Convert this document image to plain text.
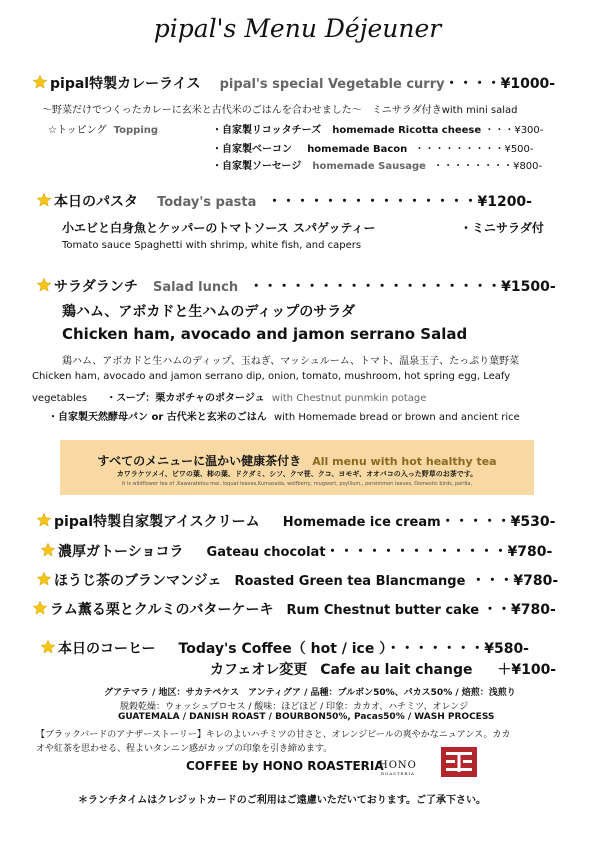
pipal's Menu Déjeuner
pipal特製カレーライス pipal's special Vegetable curry・・・・¥1000-
～野菜だけでつくったカレーに玄米と古代米のごはんを合わせました～　ミニサラダ付きwith mini salad
☆トッピング Topping	・自家製リコッタチーズ homemade Ricotta cheese ・・・¥300-
・自家製ベーコン homemade Bacon ・・・・・・・・・¥500-
・自家製ソーセージ homemade Sausage ・・・・・・・・¥800-
本日のパスタ Today's pasta ・・・・・・・・・・・・・・・¥1200-
小エビと白身魚とケッパーのトマトソース スパゲッティー	・ミニサラダ付
Tomato sauce Spaghetti with shrimp, white fish, and capers
サラダランチ Salad lunch ・・・・・・・・・・・・・・・・・・¥1500-
鶏ハム、アボカドと生ハムのディップのサラダ
Chicken ham, avocado and jamon serrano Salad
鶏ハム、アボカドと生ハムのディップ、玉ねぎ、マッシュルーム、トマト、温泉玉子、たっぷり葉野菜
Chicken ham, avocado and jamon serrano dip, onion, tomato, mushroom, hot spring egg, Leafy
vegetables ・スープ：栗カボチャのポタージュ with Chestnut punmkin potage
・自家製天然酵母パン or 古代米と玄米のごはん with Homemade bread or brown and ancient rice
すべてのメニューに温かい健康茶付き All menu with hot healthy tea
カワラケツメイ、ビワの葉、柿の葉、ドクダミ、シソ、クマ笹、クコ、ヨモギ、オオバコの入った野草のお茶です。
It is wildflower tea of ,Kawaratetsu mei, loquat leaves,Kumasada, wolfberry, mugwort, psyllium,, persimmon leaves, Domestic birds, perilla,
pipal特製自家製アイスクリーム Homemade ice cream・・・・・¥530-
濃厚ガトーショコラ Gateau chocolat・・・・・・・・・・・・・¥780-
ほうじ茶のブランマンジェ Roasted Green tea Blancmange ・・・¥780-
ラム薫る栗とクルミのバターケーキ Rum Chestnut butter cake ・・¥780-
本日のコーヒー Today's Coffee（ hot / ice ）・・・・・・・¥580-
カフェオレ変更 Cafe au lait change ＋¥100-
グアテマラ / 地区：サカテペケス　アンティグア / 品種：ブルボン50%、パカス50% / 焙煎：浅煎り
脱穀乾燥：ウォッシュプロセス / 酸味：ほどほど / 印象：カカオ、ハチミツ、オレンジ
GUATEMALA / DANISH ROAST / BOURBON50%, Pacas50% / WASH PROCESS
【ブラックバードのアナザーストーリー】キレのよいハチミツの甘さと、オレンジピールの爽やかなニュアンス。カカ
オや紅茶を思わせる、程よいタンニン感がカップの印象を引き締めます。
COFFEE by HONO ROASTERIA
HONO
ROASTERIA
＊ランチタイムはクレジットカードのご利用はご遠慮いただいております。ご了承下さい。
